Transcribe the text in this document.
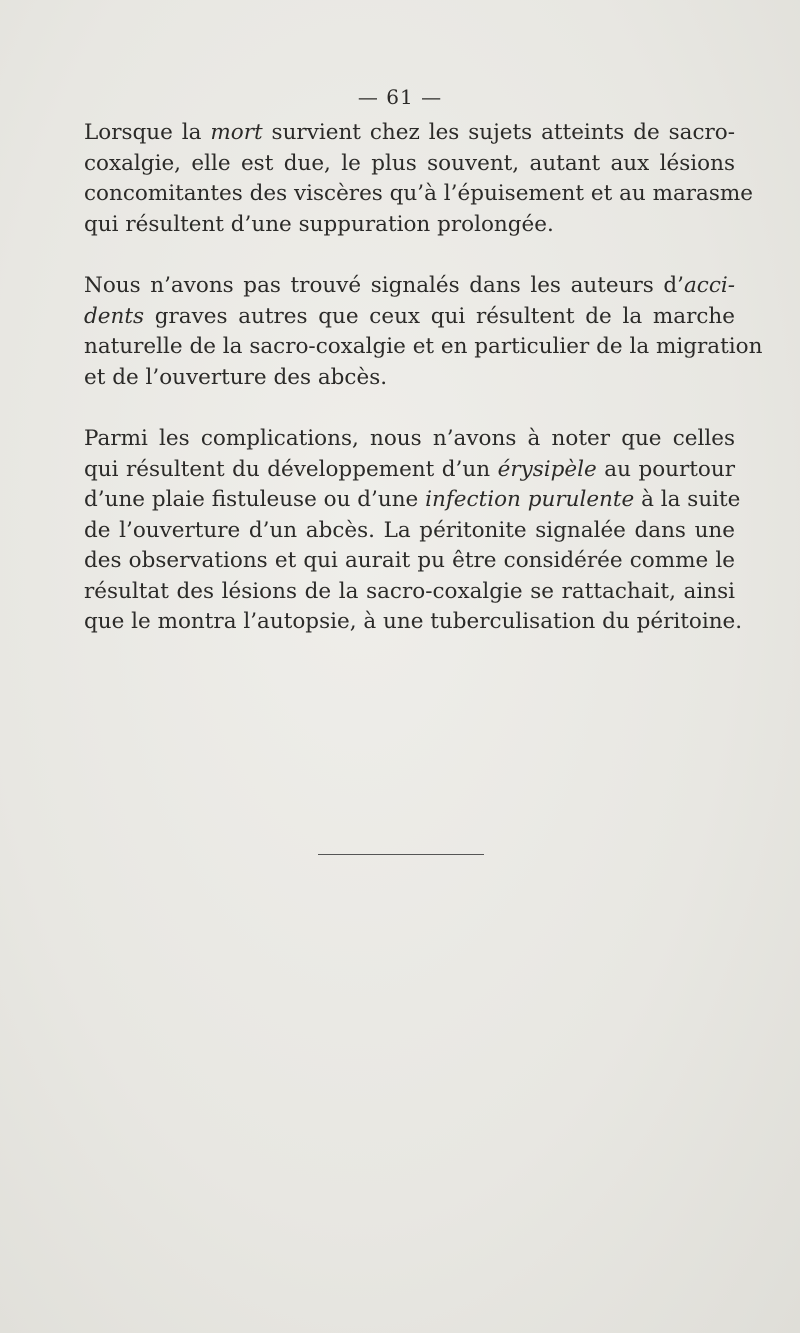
— 61 —

Lorsque la mort survient chez les sujets atteints de sacro-
coxalgie, elle est due, le plus souvent, autant aux lésions
concomitantes des viscères qu’à l’épuisement et au marasme
qui résultent d’une suppuration prolongée.

Nous n’avons pas trouvé signalés dans les auteurs d’acci-
dents graves autres que ceux qui résultent de la marche
naturelle de la sacro-coxalgie et en particulier de la migration
et de l’ouverture des abcès.

Parmi les complications, nous n’avons à noter que celles
qui résultent du développement d’un érysipèle au pourtour
d’une plaie fistuleuse ou d’une infection purulente à la suite
de l’ouverture d’un abcès. La péritonite signalée dans une
des observations et qui aurait pu être considérée comme le
résultat des lésions de la sacro-coxalgie se rattachait, ainsi
que le montra l’autopsie, à une tuberculisation du péritoine.
